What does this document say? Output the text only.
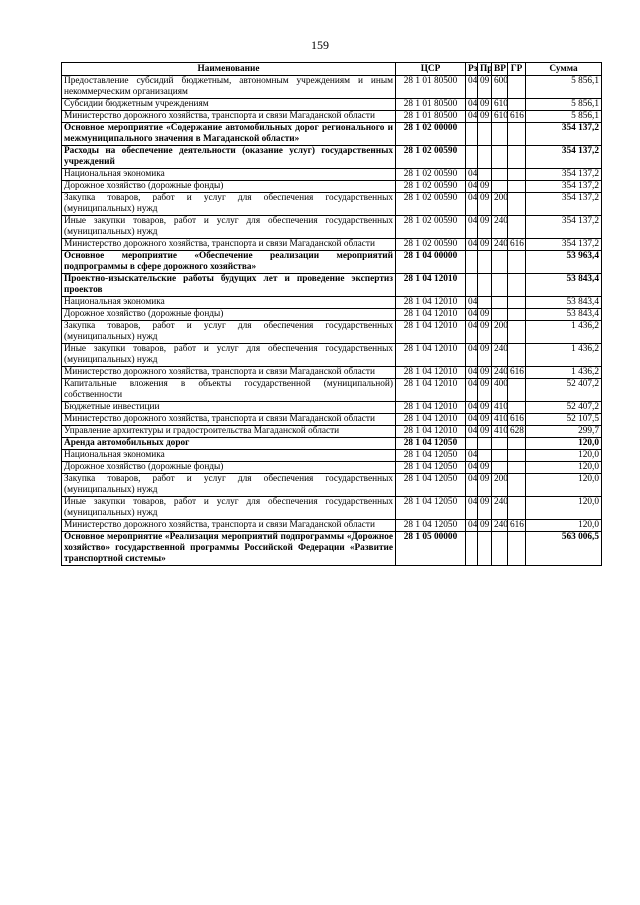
159
Наименование	ЦСР	Рз	Пр	ВР	ГР	Сумма
Предоставление субсидий бюджетным, автономным учреждениям и иным некоммерческим организациям	28 1 01 80500	04	09	600		5 856,1
Субсидии бюджетным учреждениям	28 1 01 80500	04	09	610		5 856,1
Министерство дорожного хозяйства, транспорта и связи Магаданской области	28 1 01 80500	04	09	610	616	5 856,1
Основное мероприятие «Содержание автомобильных дорог регионального и межмуниципального значения в Магаданской области»	28 1 02 00000					354 137,2
Расходы на обеспечение деятельности (оказание услуг) государственных учреждений	28 1 02 00590					354 137,2
Национальная экономика	28 1 02 00590	04				354 137,2
Дорожное хозяйство (дорожные фонды)	28 1 02 00590	04	09			354 137,2
Закупка товаров, работ и услуг для обеспечения государственных (муниципальных) нужд	28 1 02 00590	04	09	200		354 137,2
Иные закупки товаров, работ и услуг для обеспечения государственных (муниципальных) нужд	28 1 02 00590	04	09	240		354 137,2
Министерство дорожного хозяйства, транспорта и связи Магаданской области	28 1 02 00590	04	09	240	616	354 137,2
Основное мероприятие «Обеспечение реализации мероприятий подпрограммы в сфере дорожного хозяйства»	28 1 04 00000					53 963,4
Проектно-изыскательские работы будущих лет и проведение экспертиз проектов	28 1 04 12010					53 843,4
Национальная экономика	28 1 04 12010	04				53 843,4
Дорожное хозяйство (дорожные фонды)	28 1 04 12010	04	09			53 843,4
Закупка товаров, работ и услуг для обеспечения государственных (муниципальных) нужд	28 1 04 12010	04	09	200		1 436,2
Иные закупки товаров, работ и услуг для обеспечения государственных (муниципальных) нужд	28 1 04 12010	04	09	240		1 436,2
Министерство дорожного хозяйства, транспорта и связи Магаданской области	28 1 04 12010	04	09	240	616	1 436,2
Капитальные вложения в объекты государственной (муниципальной) собственности	28 1 04 12010	04	09	400		52 407,2
Бюджетные инвестиции	28 1 04 12010	04	09	410		52 407,2
Министерство дорожного хозяйства, транспорта и связи Магаданской области	28 1 04 12010	04	09	410	616	52 107,5
Управление архитектуры и градостроительства Магаданской области	28 1 04 12010	04	09	410	628	299,7
Аренда автомобильных дорог	28 1 04 12050					120,0
Национальная экономика	28 1 04 12050	04				120,0
Дорожное хозяйство (дорожные фонды)	28 1 04 12050	04	09			120,0
Закупка товаров, работ и услуг для обеспечения государственных (муниципальных) нужд	28 1 04 12050	04	09	200		120,0
Иные закупки товаров, работ и услуг для обеспечения государственных (муниципальных) нужд	28 1 04 12050	04	09	240		120,0
Министерство дорожного хозяйства, транспорта и связи Магаданской области	28 1 04 12050	04	09	240	616	120,0
Основное мероприятие «Реализация мероприятий подпрограммы «Дорожное хозяйство» государственной программы Российской Федерации «Развитие транспортной системы»	28 1 05 00000					563 006,5
